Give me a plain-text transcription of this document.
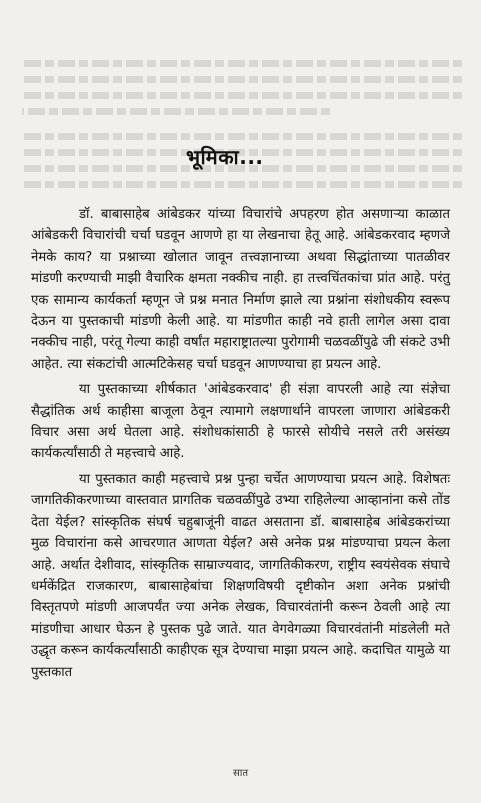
भूमिका...

डॉ. बाबासाहेब आंबेडकर यांच्या विचारांचे अपहरण होत असणाऱ्या काळात आंबेडकरी विचारांची चर्चा घडवून आणणे हा या लेखनाचा हेतू आहे. आंबेडकरवाद म्हणजे नेमके काय? या प्रश्नाच्या खोलात जावून तत्त्वज्ञानाच्या अथवा सिद्धांताच्या पातळीवर मांडणी करण्याची माझी वैचारिक क्षमता नक्कीच नाही. हा तत्त्वचिंतकांचा प्रांत आहे. परंतु एक सामान्य कार्यकर्ता म्हणून जे प्रश्न मनात निर्माण झाले त्या प्रश्नांना संशोधकीय स्वरूप देऊन या पुस्तकाची मांडणी केली आहे. या मांडणीत काही नवे हाती लागेल असा दावा नक्कीच नाही, परंतू गेल्या काही वर्षांत महाराष्ट्रातल्या पुरोगामी चळवळींपुढे जी संकटे उभी आहेत. त्या संकटांची आत्मटिकेसह चर्चा घडवून आणण्याचा हा प्रयत्न आहे.

या पुस्तकाच्या शीर्षकात 'आंबेडकरवाद' ही संज्ञा वापरली आहे त्या संज्ञेचा सैद्धांतिक अर्थ काहीसा बाजूला ठेवून त्यामागे लक्षणार्थाने वापरला जाणारा आंबेडकरी विचार असा अर्थ घेतला आहे. संशोधकांसाठी हे फारसे सोयीचे नसले तरी असंख्य कार्यकर्त्यांसाठी ते महत्त्वाचे आहे.

या पुस्तकात काही महत्त्वाचे प्रश्न पुन्हा चर्चेत आणण्याचा प्रयत्न आहे. विशेषतः जागतिकीकरणाच्या वास्तवात प्रागतिक चळवळींपुढे उभ्या राहिलेल्या आव्हानांना कसे तोंड देता येईल? सांस्कृतिक संघर्ष चहुबाजूंनी वाढत असताना डॉ. बाबासाहेब आंबेडकरांच्या मुळ विचारांना कसे आचरणात आणता येईल? असे अनेक प्रश्न मांडण्याचा प्रयत्न केला आहे. अर्थात देशीवाद, सांस्कृतिक साम्राज्यवाद, जागतिकीकरण, राष्ट्रीय स्वयंसेवक संघाचे धर्मकेंद्रित राजकारण, बाबासाहेबांचा शिक्षणविषयी दृष्टीकोन अशा अनेक प्रश्नांची विस्तृतपणे मांडणी आजपर्यंत ज्या अनेक लेखक, विचारवंतांनी करून ठेवली आहे त्या मांडणीचा आधार घेऊन हे पुस्तक पुढे जाते. यात वेगवेगळ्या विचारवंतांनी मांडलेली मते उद्धृत करून कार्यकर्त्यांसाठी काहीएक सूत्र देण्याचा माझा प्रयत्न आहे. कदाचित यामुळे या पुस्तकात

सात
